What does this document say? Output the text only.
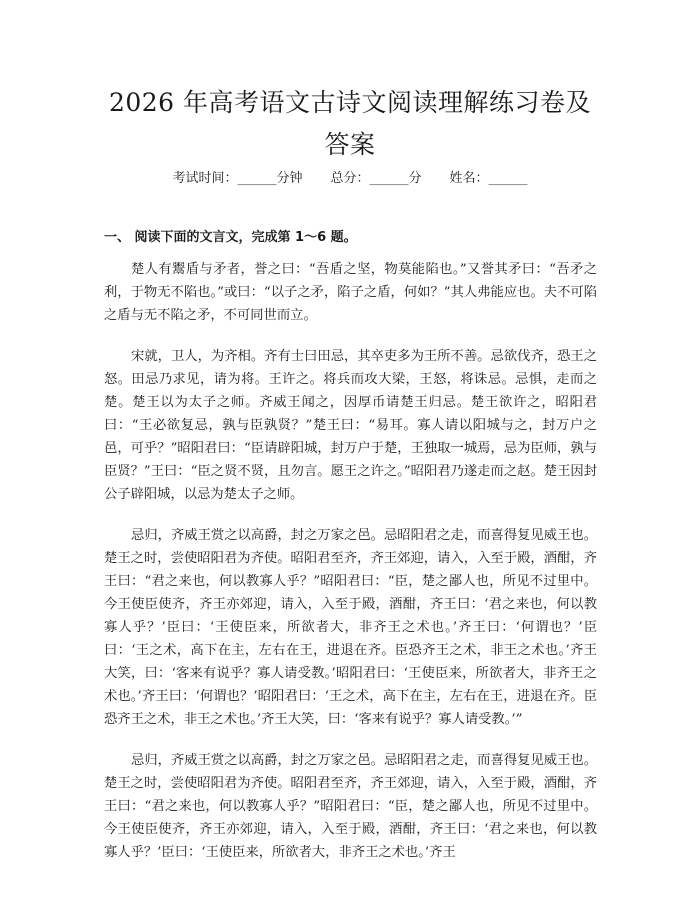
2026 年高考语文古诗文阅读理解练习卷及答案
考试时间：______分钟 总分：______分 姓名：______
一、 阅读下面的文言文，完成第 1～6 题。

楚人有鬻盾与矛者，誉之曰：“吾盾之坚，物莫能陷也。”又誉其矛曰：“吾矛之利，于物无不陷也。”或曰：“以子之矛，陷子之盾，何如？”其人弗能应也。夫不可陷之盾与无不陷之矛，不可同世而立。

宋就，卫人，为齐相。齐有士曰田忌，其卒吏多为王所不善。忌欲伐齐，恐王之怒。田忌乃求见，请为将。王许之。将兵而攻大梁，王怒，将诛忌。忌惧，走而之楚。楚王以为太子之师。齐威王闻之，因厚币请楚王归忌。楚王欲许之，昭阳君曰：“王必欲复忌，孰与臣孰贤？”楚王曰：“易耳。寡人请以阳城与之，封万户之邑，可乎？”昭阳君曰：“臣请辟阳城，封万户于楚，王独取一城焉，忌为臣师，孰与臣贤？”王曰：“臣之贤不贤，且勿言。愿王之许之。”昭阳君乃遂走而之赵。楚王因封公子辟阳城，以忌为楚太子之师。

忌归，齐威王赏之以高爵，封之万家之邑。忌昭阳君之走，而喜得复见威王也。楚王之时，尝使昭阳君为齐使。昭阳君至齐，齐王郊迎，请入，入至于殿，酒酣，齐王曰：“君之来也，何以教寡人乎？”昭阳君曰：“臣，楚之鄙人也，所见不过里中。今王使臣使齐，齐王亦郊迎，请入，入至于殿，酒酣，齐王曰：‘君之来也，何以教寡人乎？’臣曰：‘王使臣来，所欲者大，非齐王之术也。’齐王曰：‘何谓也？’臣曰：‘王之术，高下在主，左右在王，进退在齐。臣恐齐王之术，非王之术也。’齐王大笑，曰：‘客来有说乎？寡人请受教。’昭阳君曰：‘王使臣来，所欲者大，非齐王之术也。’齐王曰：‘何谓也？’昭阳君曰：‘王之术，高下在主，左右在王，进退在齐。臣恐齐王之术，非王之术也。’齐王大笑，曰：‘客来有说乎？寡人请受教。’”

忌归，齐威王赏之以高爵，封之万家之邑。忌昭阳君之走，而喜得复见威王也。楚王之时，尝使昭阳君为齐使。昭阳君至齐，齐王郊迎，请入，入至于殿，酒酣，齐王曰：“君之来也，何以教寡人乎？”昭阳君曰：“臣，楚之鄙人也，所见不过里中。今王使臣使齐，齐王亦郊迎，请入，入至于殿，酒酣，齐王曰：‘君之来也，何以教寡人乎？’臣曰：‘王使臣来，所欲者大，非齐王之术也。’齐王
